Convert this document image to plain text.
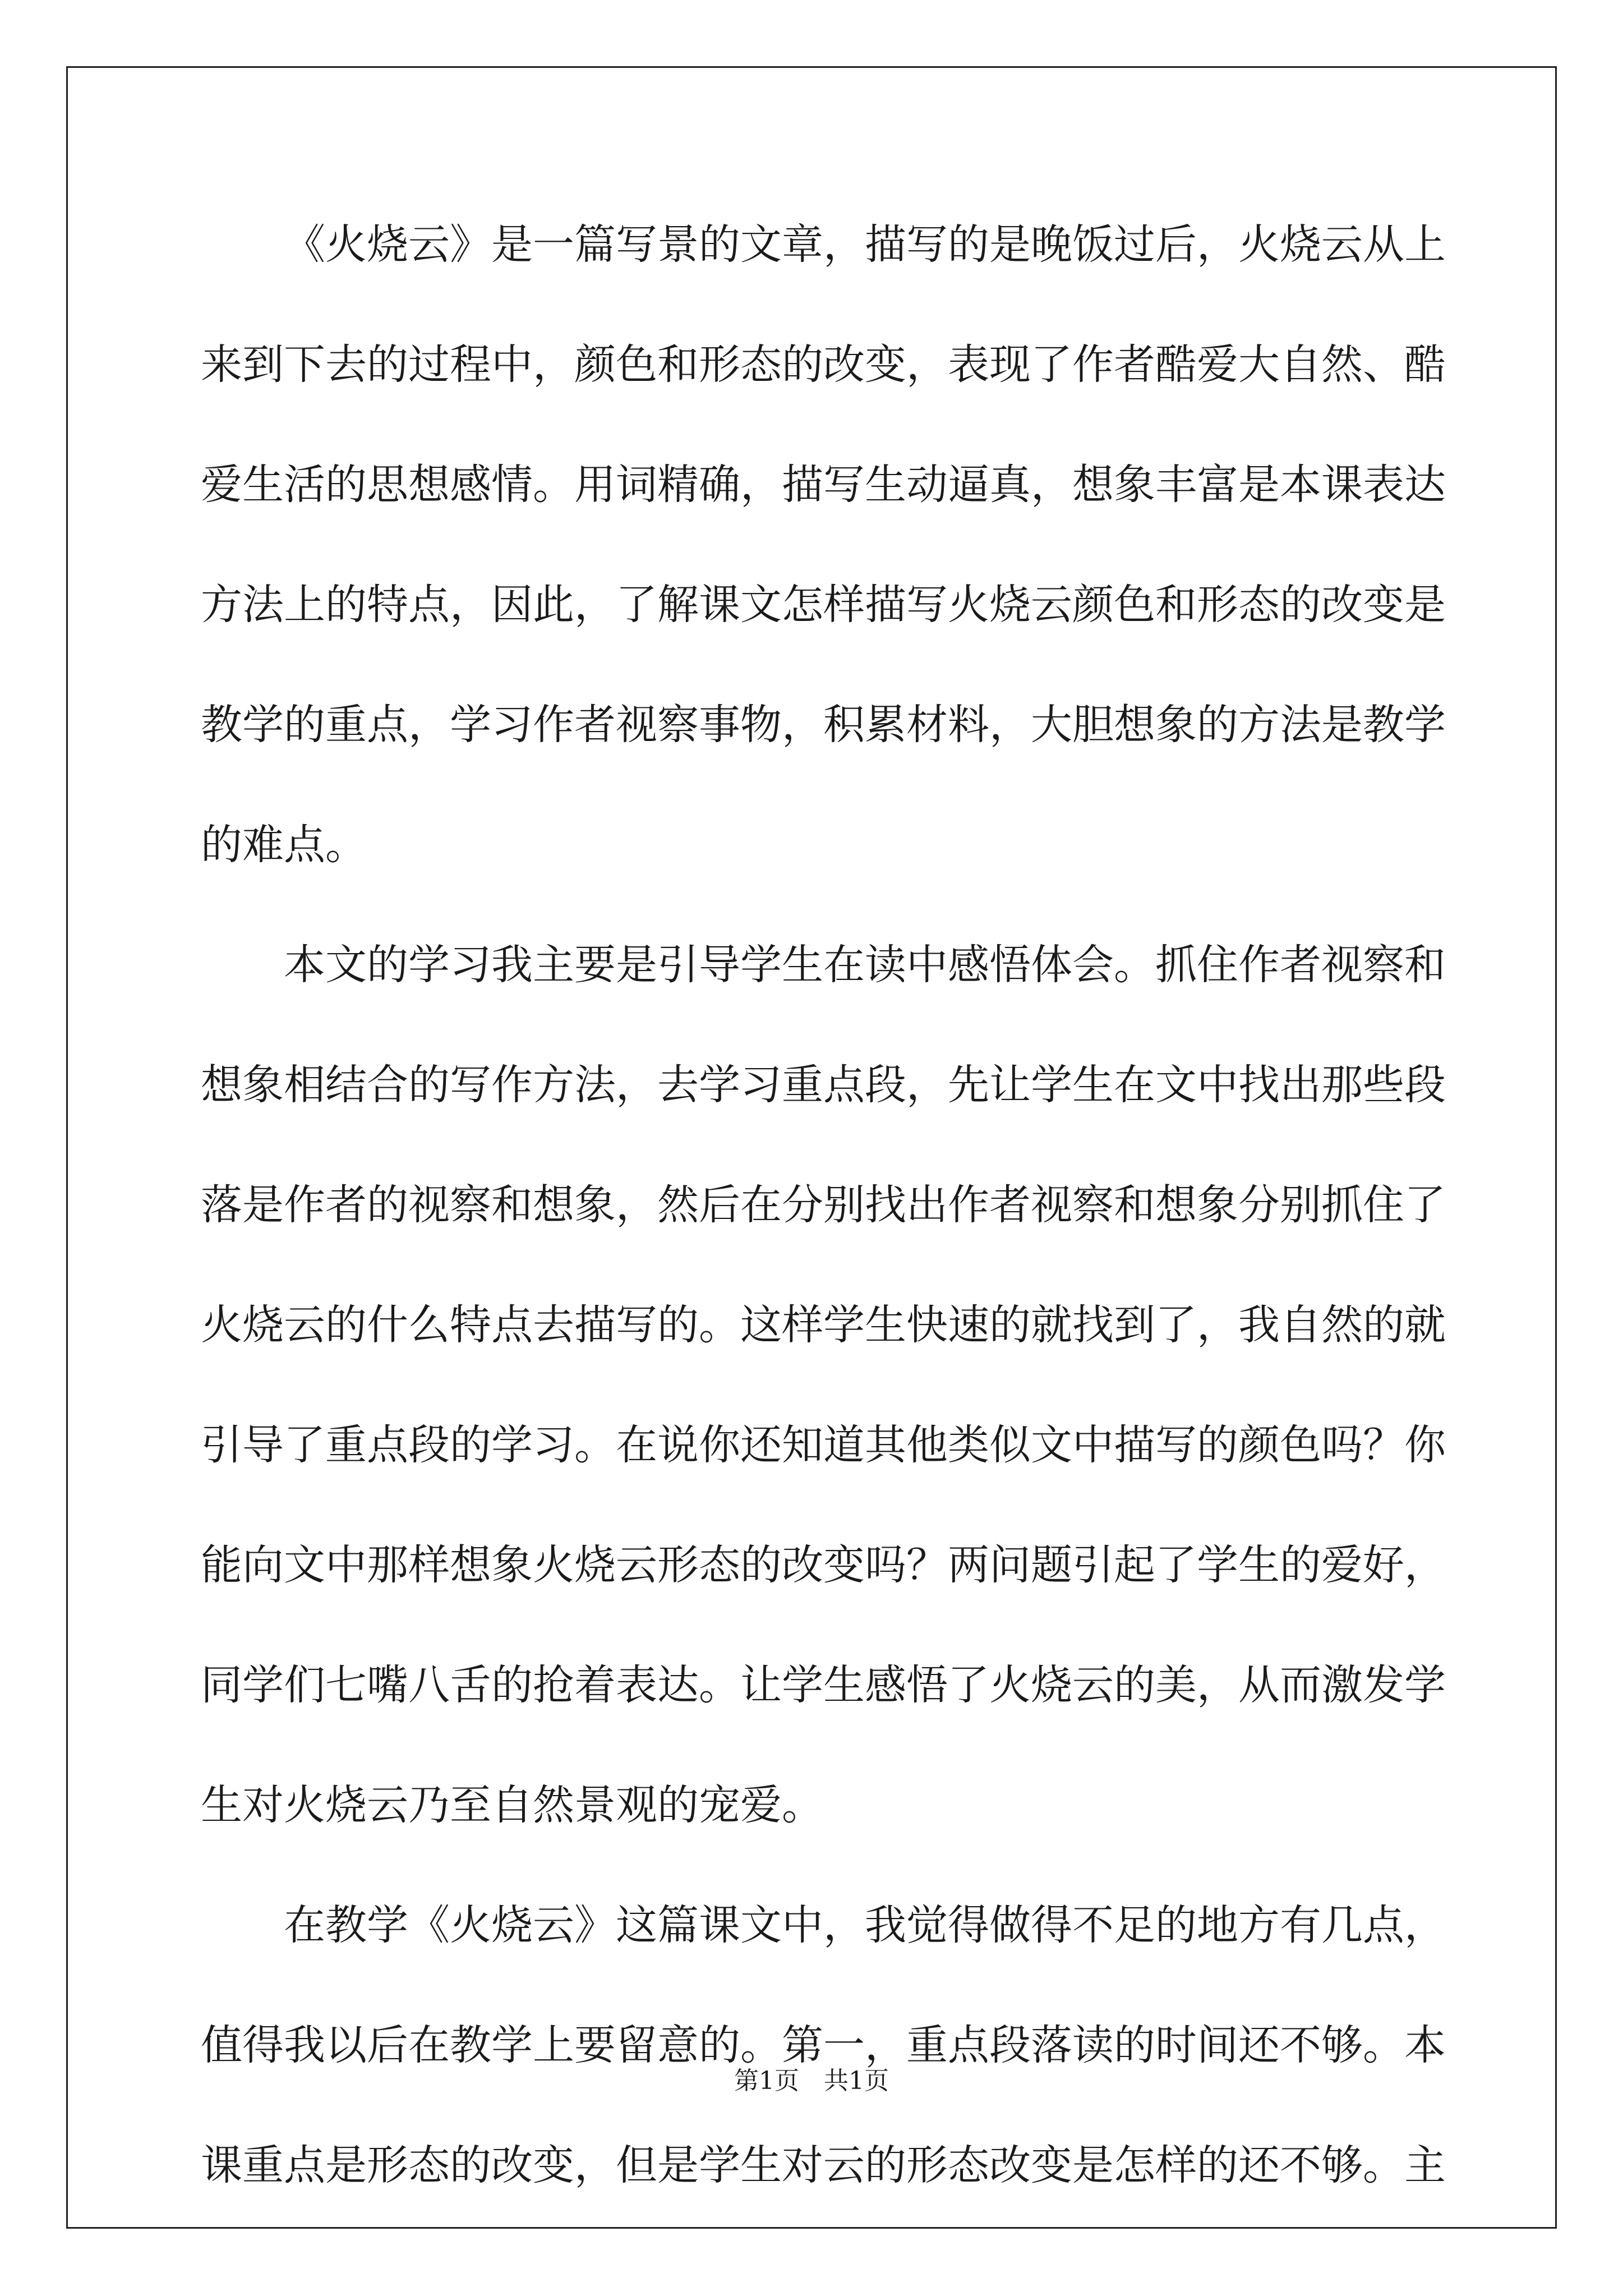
《火烧云》是一篇写景的文章，描写的是晚饭过后，火烧云从上
来到下去的过程中，颜色和形态的改变，表现了作者酷爱大自然、酷
爱生活的思想感情。用词精确，描写生动逼真，想象丰富是本课表达
方法上的特点，因此，了解课文怎样描写火烧云颜色和形态的改变是
教学的重点，学习作者视察事物，积累材料，大胆想象的方法是教学
的难点。
本文的学习我主要是引导学生在读中感悟体会。抓住作者视察和
想象相结合的写作方法，去学习重点段，先让学生在文中找出那些段
落是作者的视察和想象，然后在分别找出作者视察和想象分别抓住了
火烧云的什么特点去描写的。这样学生快速的就找到了，我自然的就
引导了重点段的学习。在说你还知道其他类似文中描写的颜色吗？你
能向文中那样想象火烧云形态的改变吗？两问题引起了学生的爱好，
同学们七嘴八舌的抢着表达。让学生感悟了火烧云的美，从而激发学
生对火烧云乃至自然景观的宠爱。
在教学《火烧云》这篇课文中，我觉得做得不足的地方有几点，
值得我以后在教学上要留意的。第一，重点段落读的时间还不够。本
课重点是形态的改变，但是学生对云的形态改变是怎样的还不够。主
第1页 共1页
